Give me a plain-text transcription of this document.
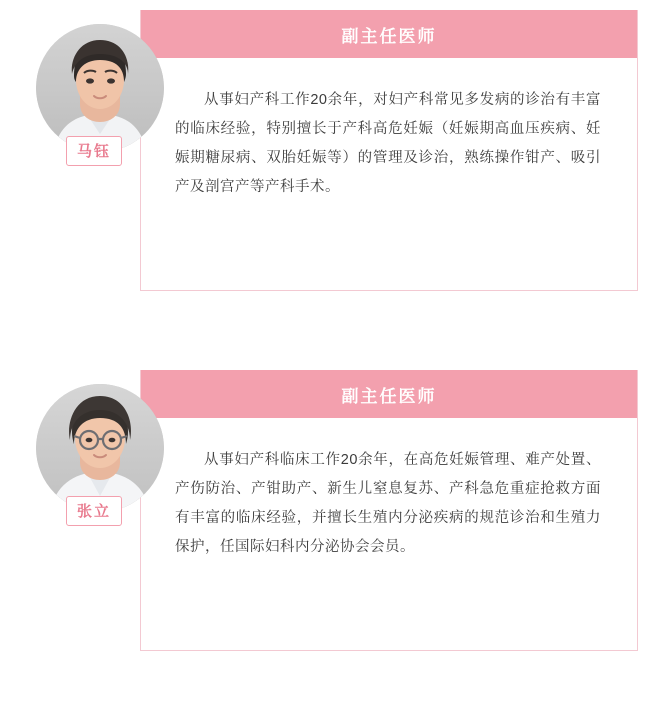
副主任医师

从事妇产科工作20余年，对妇产科常见多发病的诊治有丰富的临床经验，特别擅长于产科高危妊娠（妊娠期高血压疾病、妊娠期糖尿病、双胎妊娠等）的管理及诊治，熟练操作钳产、吸引产及剖宫产等产科手术。

马钰
副主任医师

从事妇产科临床工作20余年，在高危妊娠管理、难产处置、产伤防治、产钳助产、新生儿窒息复苏、产科急危重症抢救方面有丰富的临床经验，并擅长生殖内分泌疾病的规范诊治和生殖力保护，任国际妇科内分泌协会会员。

张立
